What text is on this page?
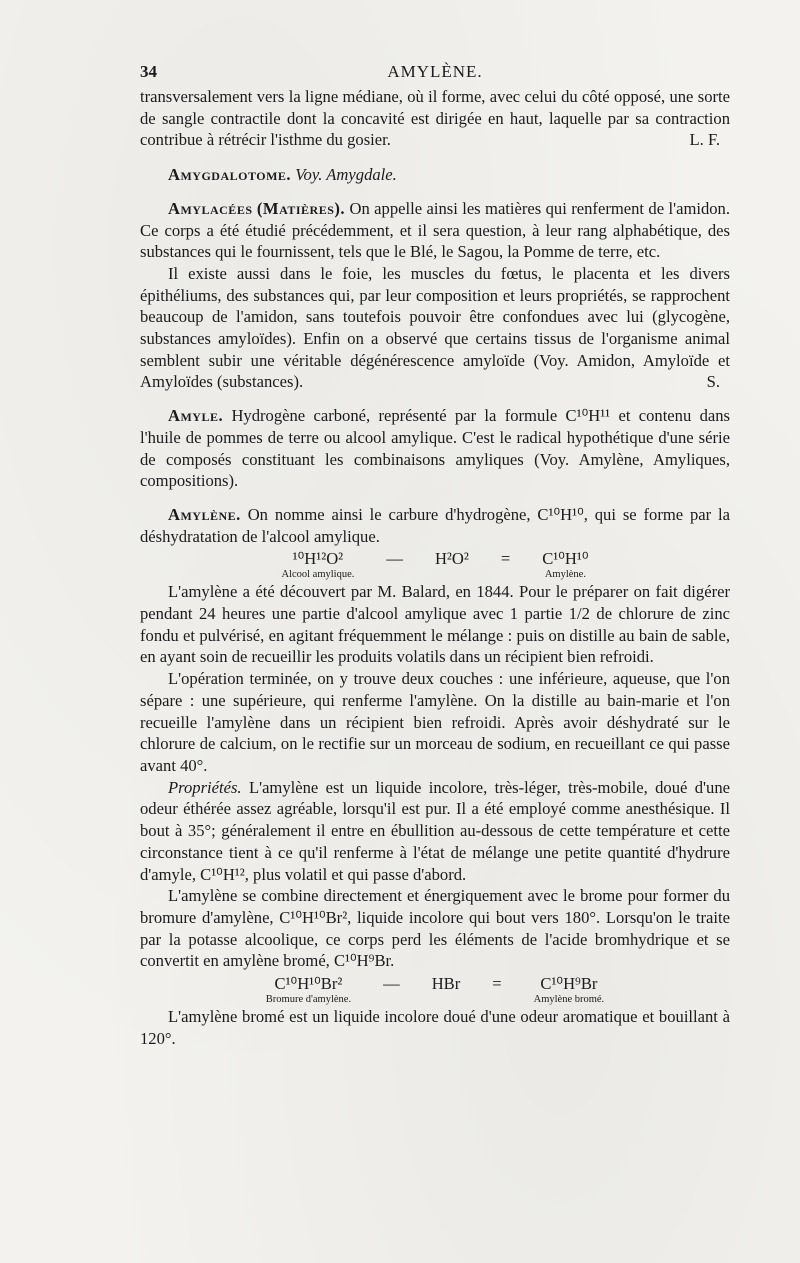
34	AMYLÈNE.

transversalement vers la ligne médiane, où il forme, avec celui du côté opposé, une sorte de sangle contractile dont la concavité est dirigée en haut, laquelle par sa contraction contribue à rétrécir l'isthme du gosier.	L. F.

Amygdalotome. Voy. Amygdale.

Amylacées (Matières). On appelle ainsi les matières qui renferment de l'amidon. Ce corps a été étudié précédemment, et il sera question, à leur rang alphabétique, des substances qui le fournissent, tels que le Blé, le Sagou, la Pomme de terre, etc.

Il existe aussi dans le foie, les muscles du fœtus, le placenta et les divers épithéliums, des substances qui, par leur composition et leurs propriétés, se rapprochent beaucoup de l'amidon, sans toutefois pouvoir être confondues avec lui (glycogène, substances amyloïdes). Enfin on a observé que certains tissus de l'organisme animal semblent subir une véritable dégénérescence amyloïde (Voy. Amidon, Amyloïde et Amyloïdes (substances).	S.

Amyle. Hydrogène carboné, représenté par la formule C¹⁰H¹¹ et contenu dans l'huile de pommes de terre ou alcool amylique. C'est le radical hypothétique d'une série de composés constituant les combinaisons amyliques (Voy. Amylène, Amyliques, compositions).

Amylène. On nomme ainsi le carbure d'hydrogène, C¹⁰H¹⁰, qui se forme par la déshydratation de l'alcool amylique.

¹⁰H¹²O²
Alcool amylique.
—	H²O²	=	C¹⁰H¹⁰
Amylène.

L'amylène a été découvert par M. Balard, en 1844. Pour le préparer on fait digérer pendant 24 heures une partie d'alcool amylique avec 1 partie 1/2 de chlorure de zinc fondu et pulvérisé, en agitant fréquemment le mélange : puis on distille au bain de sable, en ayant soin de recueillir les produits volatils dans un récipient bien refroidi.

L'opération terminée, on y trouve deux couches : une inférieure, aqueuse, que l'on sépare : une supérieure, qui renferme l'amylène. On la distille au bain-marie et l'on recueille l'amylène dans un récipient bien refroidi. Après avoir déshydraté sur le chlorure de calcium, on le rectifie sur un morceau de sodium, en recueillant ce qui passe avant 40°.

Propriétés. L'amylène est un liquide incolore, très-léger, très-mobile, doué d'une odeur éthérée assez agréable, lorsqu'il est pur. Il a été employé comme anesthésique. Il bout à 35°; généralement il entre en ébullition au-dessous de cette température et cette circonstance tient à ce qu'il renferme à l'état de mélange une petite quantité d'hydrure d'amyle, C¹⁰H¹², plus volatil et qui passe d'abord.

L'amylène se combine directement et énergiquement avec le brome pour former du bromure d'amylène, C¹⁰H¹⁰Br², liquide incolore qui bout vers 180°. Lorsqu'on le traite par la potasse alcoolique, ce corps perd les éléments de l'acide bromhydrique et se convertit en amylène bromé, C¹⁰H⁹Br.

C¹⁰H¹⁰Br²
Bromure d'amylène.
—	HBr	=	C¹⁰H⁹Br
Amylène bromé.

L'amylène bromé est un liquide incolore doué d'une odeur aromatique et bouillant à 120°.
